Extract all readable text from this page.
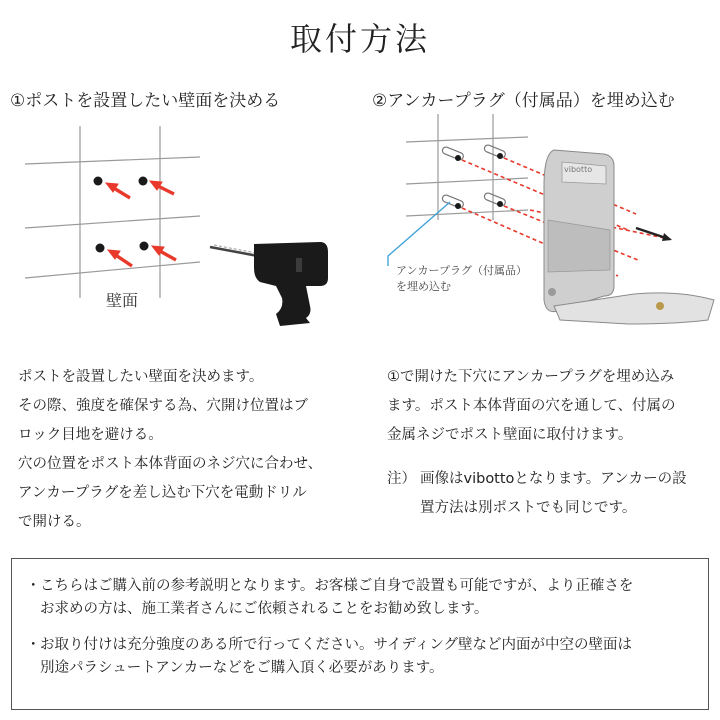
取付方法
①ポストを設置したい壁面を決める	②アンカープラグ（付属品）を埋め込む
壁面
vibotto
アンカープラグ（付属品）
を埋め込む
ポストを設置したい壁面を決めます。
その際、強度を確保する為、穴開け位置はブ
ロック目地を避ける。
穴の位置をポスト本体背面のネジ穴に合わせ、
アンカープラグを差し込む下穴を電動ドリル
で開ける。
①で開けた下穴にアンカープラグを埋め込み
ます。ポスト本体背面の穴を通して、付属の
金属ネジでポスト壁面に取付けます。
注） 画像はvibottoとなります。アンカーの設
置方法は別ポストでも同じです。
・ こちらはご購入前の参考説明となります。お客様ご自身で設置も可能ですが、より正確さを
お求めの方は、施工業者さんにご依頼されることをお勧め致します。
・ お取り付けは充分強度のある所で行ってください。サイディング壁など内面が中空の壁面は
別途パラシュートアンカーなどをご購入頂く必要があります。
